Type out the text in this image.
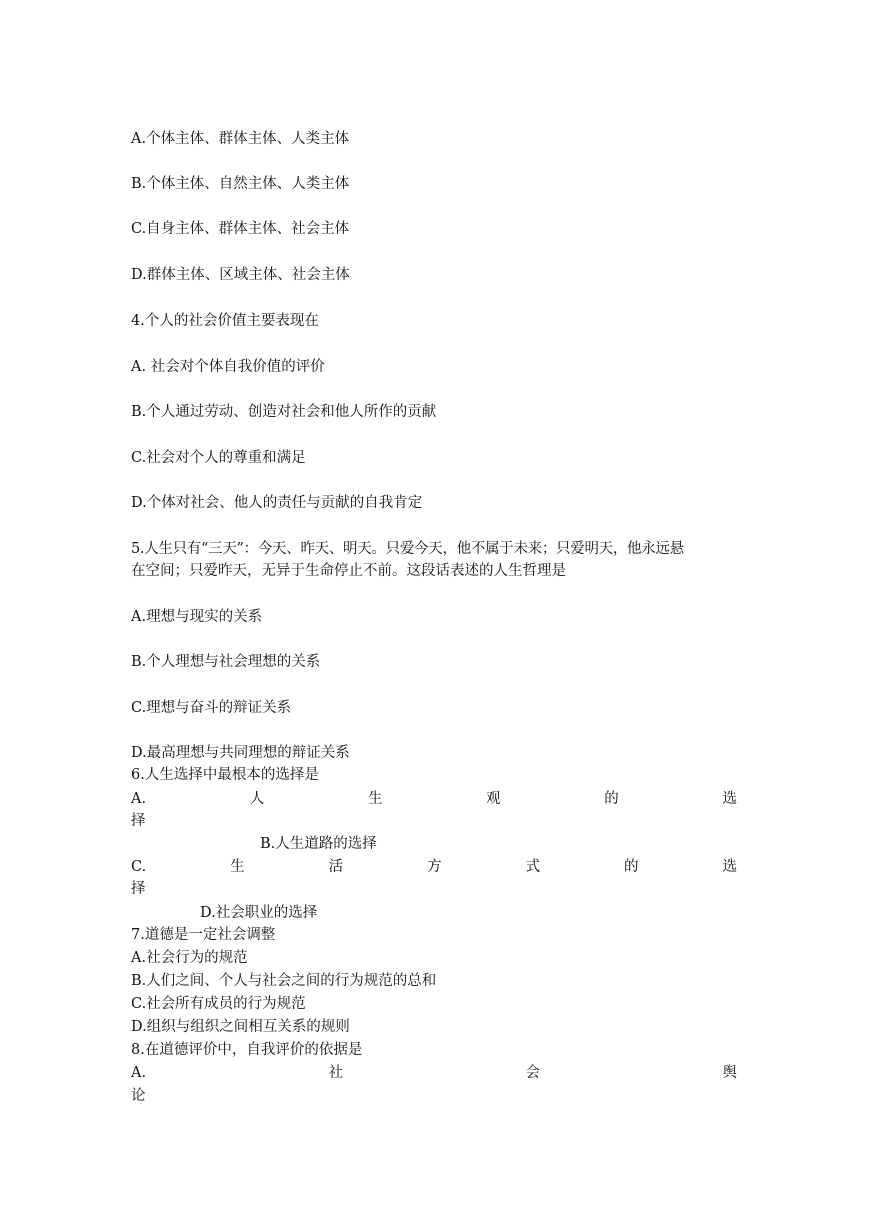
A.个体主体、群体主体、人类主体
B.个体主体、自然主体、人类主体
C.自身主体、群体主体、社会主体
D.群体主体、区域主体、社会主体
4.个人的社会价值主要表现在
A. 社会对个体自我价值的评价
B.个人通过劳动、创造对社会和他人所作的贡献
C.社会对个人的尊重和满足
D.个体对社会、他人的责任与贡献的自我肯定
5.人生只有“三天”：今天、昨天、明天。只爱今天，他不属于未来；只爱明天，他永远悬
在空间；只爱昨天，无异于生命停止不前。这段话表述的人生哲理是
A.理想与现实的关系
B.个人理想与社会理想的关系
C.理想与奋斗的辩证关系
D.最高理想与共同理想的辩证关系
6.人生选择中最根本的选择是
A.	人	生	观	的	选
择
B.人生道路的选择
C.	生	活	方	式	的	选
择
D.社会职业的选择
7.道德是一定社会调整
A.社会行为的规范
B.人们之间、个人与社会之间的行为规范的总和
C.社会所有成员的行为规范
D.组织与组织之间相互关系的规则
8.在道德评价中，自我评价的依据是
A.	社	会	舆
论
